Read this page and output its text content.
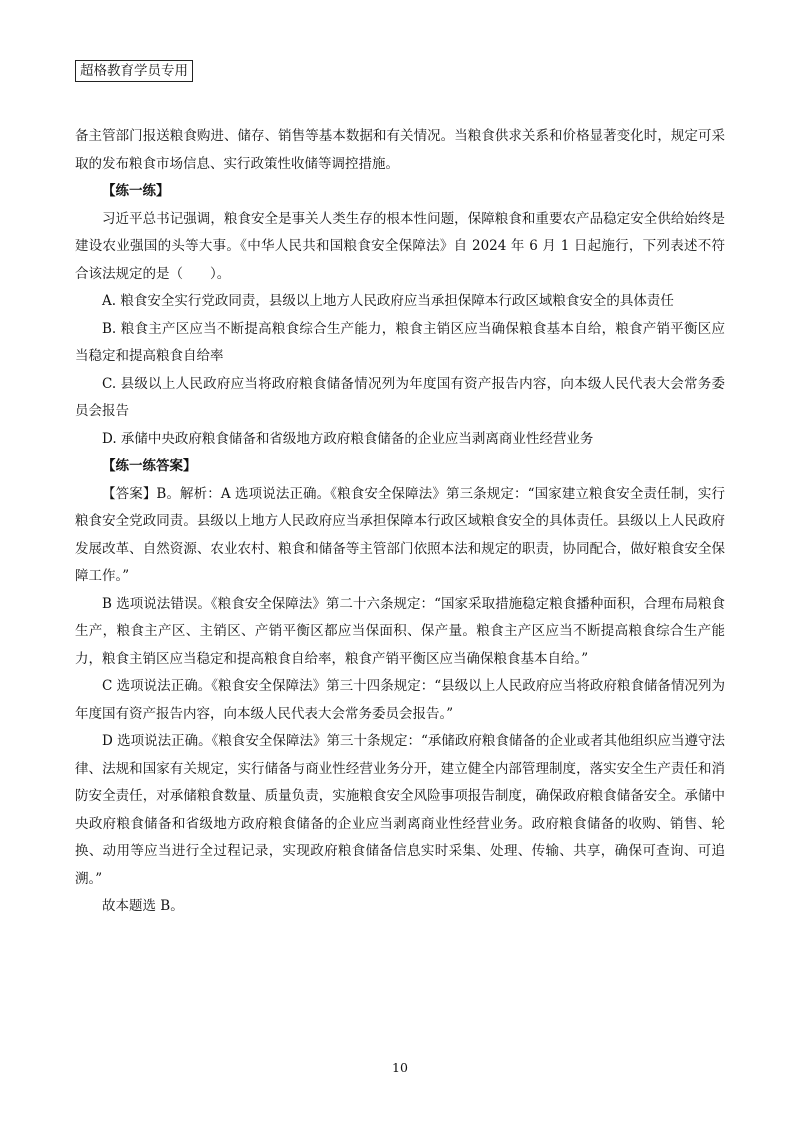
超格教育学员专用

备主管部门报送粮食购进、储存、销售等基本数据和有关情况。当粮食供求关系和价格显著变化时，规定可采取的发布粮食市场信息、实行政策性收储等调控措施。

【练一练】

习近平总书记强调，粮食安全是事关人类生存的根本性问题，保障粮食和重要农产品稳定安全供给始终是建设农业强国的头等大事。《中华人民共和国粮食安全保障法》自 2024 年 6 月 1 日起施行，下列表述不符合该法规定的是（　　）。

A. 粮食安全实行党政同责，县级以上地方人民政府应当承担保障本行政区域粮食安全的具体责任

B. 粮食主产区应当不断提高粮食综合生产能力，粮食主销区应当确保粮食基本自给，粮食产销平衡区应当稳定和提高粮食自给率

C. 县级以上人民政府应当将政府粮食储备情况列为年度国有资产报告内容，向本级人民代表大会常务委员会报告

D. 承储中央政府粮食储备和省级地方政府粮食储备的企业应当剥离商业性经营业务

【练一练答案】

【答案】B。解析：A 选项说法正确。《粮食安全保障法》第三条规定：“国家建立粮食安全责任制，实行粮食安全党政同责。县级以上地方人民政府应当承担保障本行政区域粮食安全的具体责任。县级以上人民政府发展改革、自然资源、农业农村、粮食和储备等主管部门依照本法和规定的职责，协同配合，做好粮食安全保障工作。”

B 选项说法错误。《粮食安全保障法》第二十六条规定：“国家采取措施稳定粮食播种面积，合理布局粮食生产，粮食主产区、主销区、产销平衡区都应当保面积、保产量。粮食主产区应当不断提高粮食综合生产能力，粮食主销区应当稳定和提高粮食自给率，粮食产销平衡区应当确保粮食基本自给。”

C 选项说法正确。《粮食安全保障法》第三十四条规定：“县级以上人民政府应当将政府粮食储备情况列为年度国有资产报告内容，向本级人民代表大会常务委员会报告。”

D 选项说法正确。《粮食安全保障法》第三十条规定：“承储政府粮食储备的企业或者其他组织应当遵守法律、法规和国家有关规定，实行储备与商业性经营业务分开，建立健全内部管理制度，落实安全生产责任和消防安全责任，对承储粮食数量、质量负责，实施粮食安全风险事项报告制度，确保政府粮食储备安全。承储中央政府粮食储备和省级地方政府粮食储备的企业应当剥离商业性经营业务。政府粮食储备的收购、销售、轮换、动用等应当进行全过程记录，实现政府粮食储备信息实时采集、处理、传输、共享，确保可查询、可追溯。”

故本题选 B。

10
